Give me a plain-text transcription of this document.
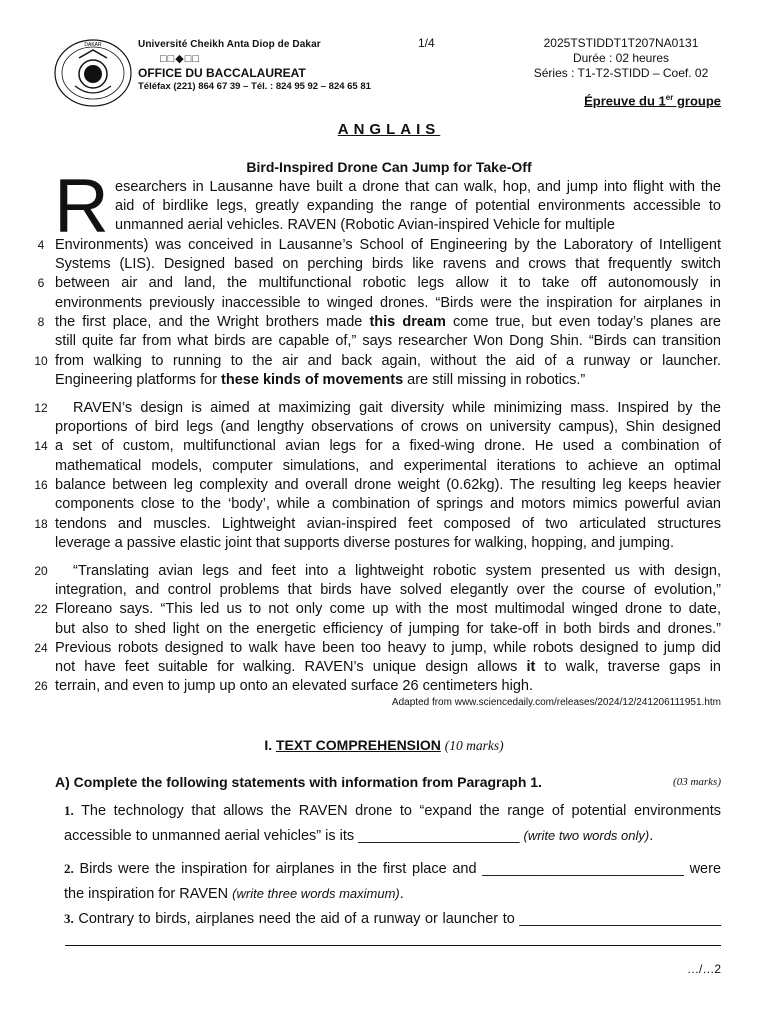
DAKAR	Université Cheikh Anta Diop de Dakar
□□◆□□
OFFICE DU BACCALAUREAT
Téléfax (221) 864 67 39 – Tél. : 824 95 92 – 824 65 81
1/4	2025TSTIDDT1T207NA0131
Durée : 02 heures
Séries : T1-T2-STIDD – Coef. 02
Épreuve du 1er groupe
ANGLAIS
Bird-Inspired Drone Can Jump for Take-Off
R esearchers in Lausanne have built a drone that can walk, hop, and jump into flight with the
aid of birdlike legs, greatly expanding the range of potential environments accessible to
unmanned aerial vehicles. RAVEN (Robotic Avian-inspired Vehicle for multiple
Environments) was conceived in Lausanne’s School of Engineering by the Laboratory of Intelligent
Systems (LIS). Designed based on perching birds like ravens and crows that frequently switch
between air and land, the multifunctional robotic legs allow it to take off autonomously in
environments previously inaccessible to winged drones. “Birds were the inspiration for airplanes in
the first place, and the Wright brothers made this dream come true, but even today’s planes are
still quite far from what birds are capable of,” says researcher Won Dong Shin. “Birds can transition
from walking to running to the air and back again, without the aid of a runway or launcher.
Engineering platforms for these kinds of movements are still missing in robotics.”
RAVEN’s design is aimed at maximizing gait diversity while minimizing mass. Inspired by the
proportions of bird legs (and lengthy observations of crows on university campus), Shin designed
a set of custom, multifunctional avian legs for a fixed-wing drone. He used a combination of
mathematical models, computer simulations, and experimental iterations to achieve an optimal
balance between leg complexity and overall drone weight (0.62kg). The resulting leg keeps heavier
components close to the ‘body’, while a combination of springs and motors mimics powerful avian
tendons and muscles. Lightweight avian-inspired feet composed of two articulated structures
leverage a passive elastic joint that supports diverse postures for walking, hopping, and jumping.
“Translating avian legs and feet into a lightweight robotic system presented us with design,
integration, and control problems that birds have solved elegantly over the course of evolution,”
Floreano says. “This led us to not only come up with the most multimodal winged drone to date,
but also to shed light on the energetic efficiency of jumping for take-off in both birds and drones.”
Previous robots designed to walk have been too heavy to jump, while robots designed to jump did
not have feet suitable for walking. RAVEN’s unique design allows it to walk, traverse gaps in
terrain, and even to jump up onto an elevated surface 26 centimeters high.
4
6
8
10
12
14
16
18
20
22
24
26
Adapted from www.sciencedaily.com/releases/2024/12/241206111951.htm
I. TEXT COMPREHENSION (10 marks)
A) Complete the following statements with information from Paragraph 1.	(03 marks)
1. The technology that allows the RAVEN drone to “expand the range of potential environments
accessible to unmanned aerial vehicles” is its ____________________ (write two words only).
2. Birds were the inspiration for airplanes in the first place and _________________________ were
the inspiration for RAVEN (write three words maximum).
3. Contrary to birds, airplanes need the aid of a runway or launcher to _________________________
…/…2
